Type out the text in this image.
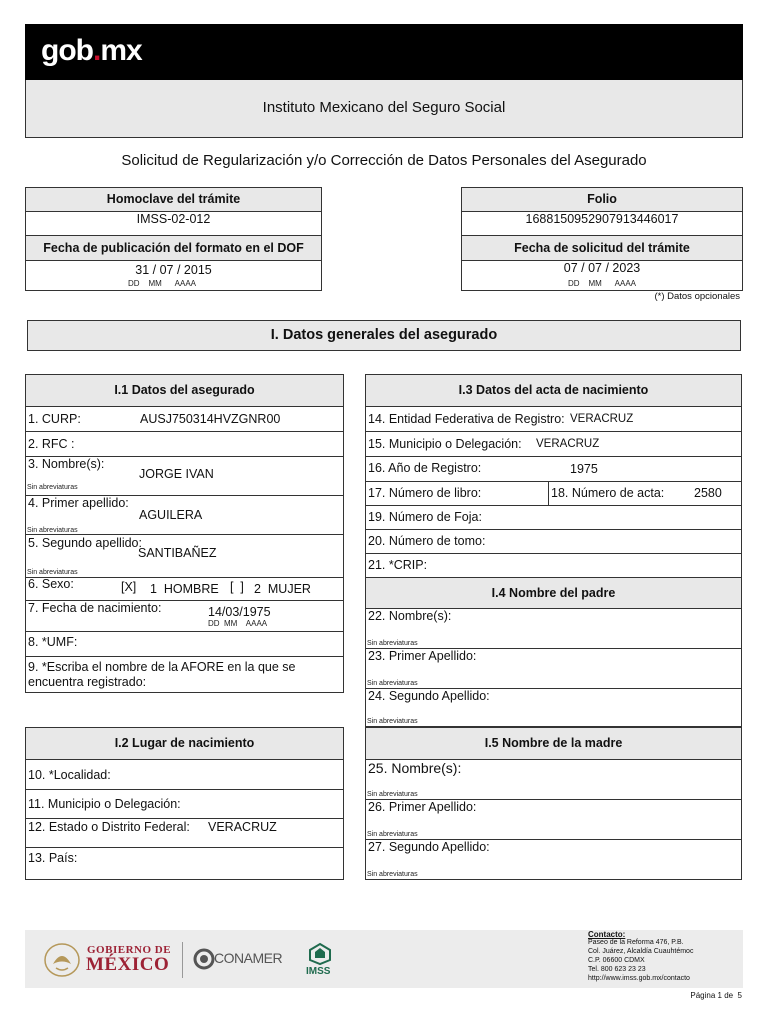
gob.mx
Instituto Mexicano del Seguro Social
Solicitud de Regularización y/o Corrección de Datos Personales del Asegurado
Homoclave del trámite
IMSS-02-012
Fecha de publicación del formato en el DOF
31 / 07 / 2015
DD    MM      AAAA
Folio
1688150952907913446017
Fecha de solicitud del trámite
07 / 07 / 2023
DD    MM      AAAA
(*) Datos opcionales
I. Datos generales del asegurado
I.1 Datos del asegurado
1. CURP:	AUSJ750314HVZGNR00
2. RFC :
3. Nombre(s):
JORGE IVAN
Sin abreviaturas
4. Primer apellido:
AGUILERA
Sin abreviaturas
5. Segundo apellido:
SANTIBAÑEZ
Sin abreviaturas
6. Sexo:	[X] 1  HOMBRE [  ] 2  MUJER
7. Fecha de nacimiento:	14/03/1975
DD  MM    AAAA
8. *UMF:
9. *Escriba el nombre de la AFORE en la que se encuentra registrado:
I.2 Lugar de nacimiento
10. *Localidad:
11. Municipio o Delegación:
12. Estado o Distrito Federal: VERACRUZ
13. País:
I.3 Datos del acta de nacimiento
14. Entidad Federativa de Registro: VERACRUZ
15. Municipio o Delegación: VERACRUZ
16. Año de Registro:	1975
17. Número de libro:	18. Número de acta: 2580
19. Número de Foja:
20. Número de tomo:
21. *CRIP:
I.4 Nombre del padre
22. Nombre(s):
Sin abreviaturas
23. Primer Apellido:
Sin abreviaturas
24. Segundo Apellido:
Sin abreviaturas
I.5 Nombre de la madre
25. Nombre(s):
Sin abreviaturas
26. Primer Apellido:
Sin abreviaturas
27. Segundo Apellido:
Sin abreviaturas
GOBIERNO DE
MÉXICO	CONAMER
IMSS
Contacto:
Paseo de la Reforma 476, P.B.
Col. Juárez, Alcaldía Cuauhtémoc
C.P. 06600 CDMX
Tel. 800 623 23 23
http://www.imss.gob.mx/contacto
Página 1 de 5
